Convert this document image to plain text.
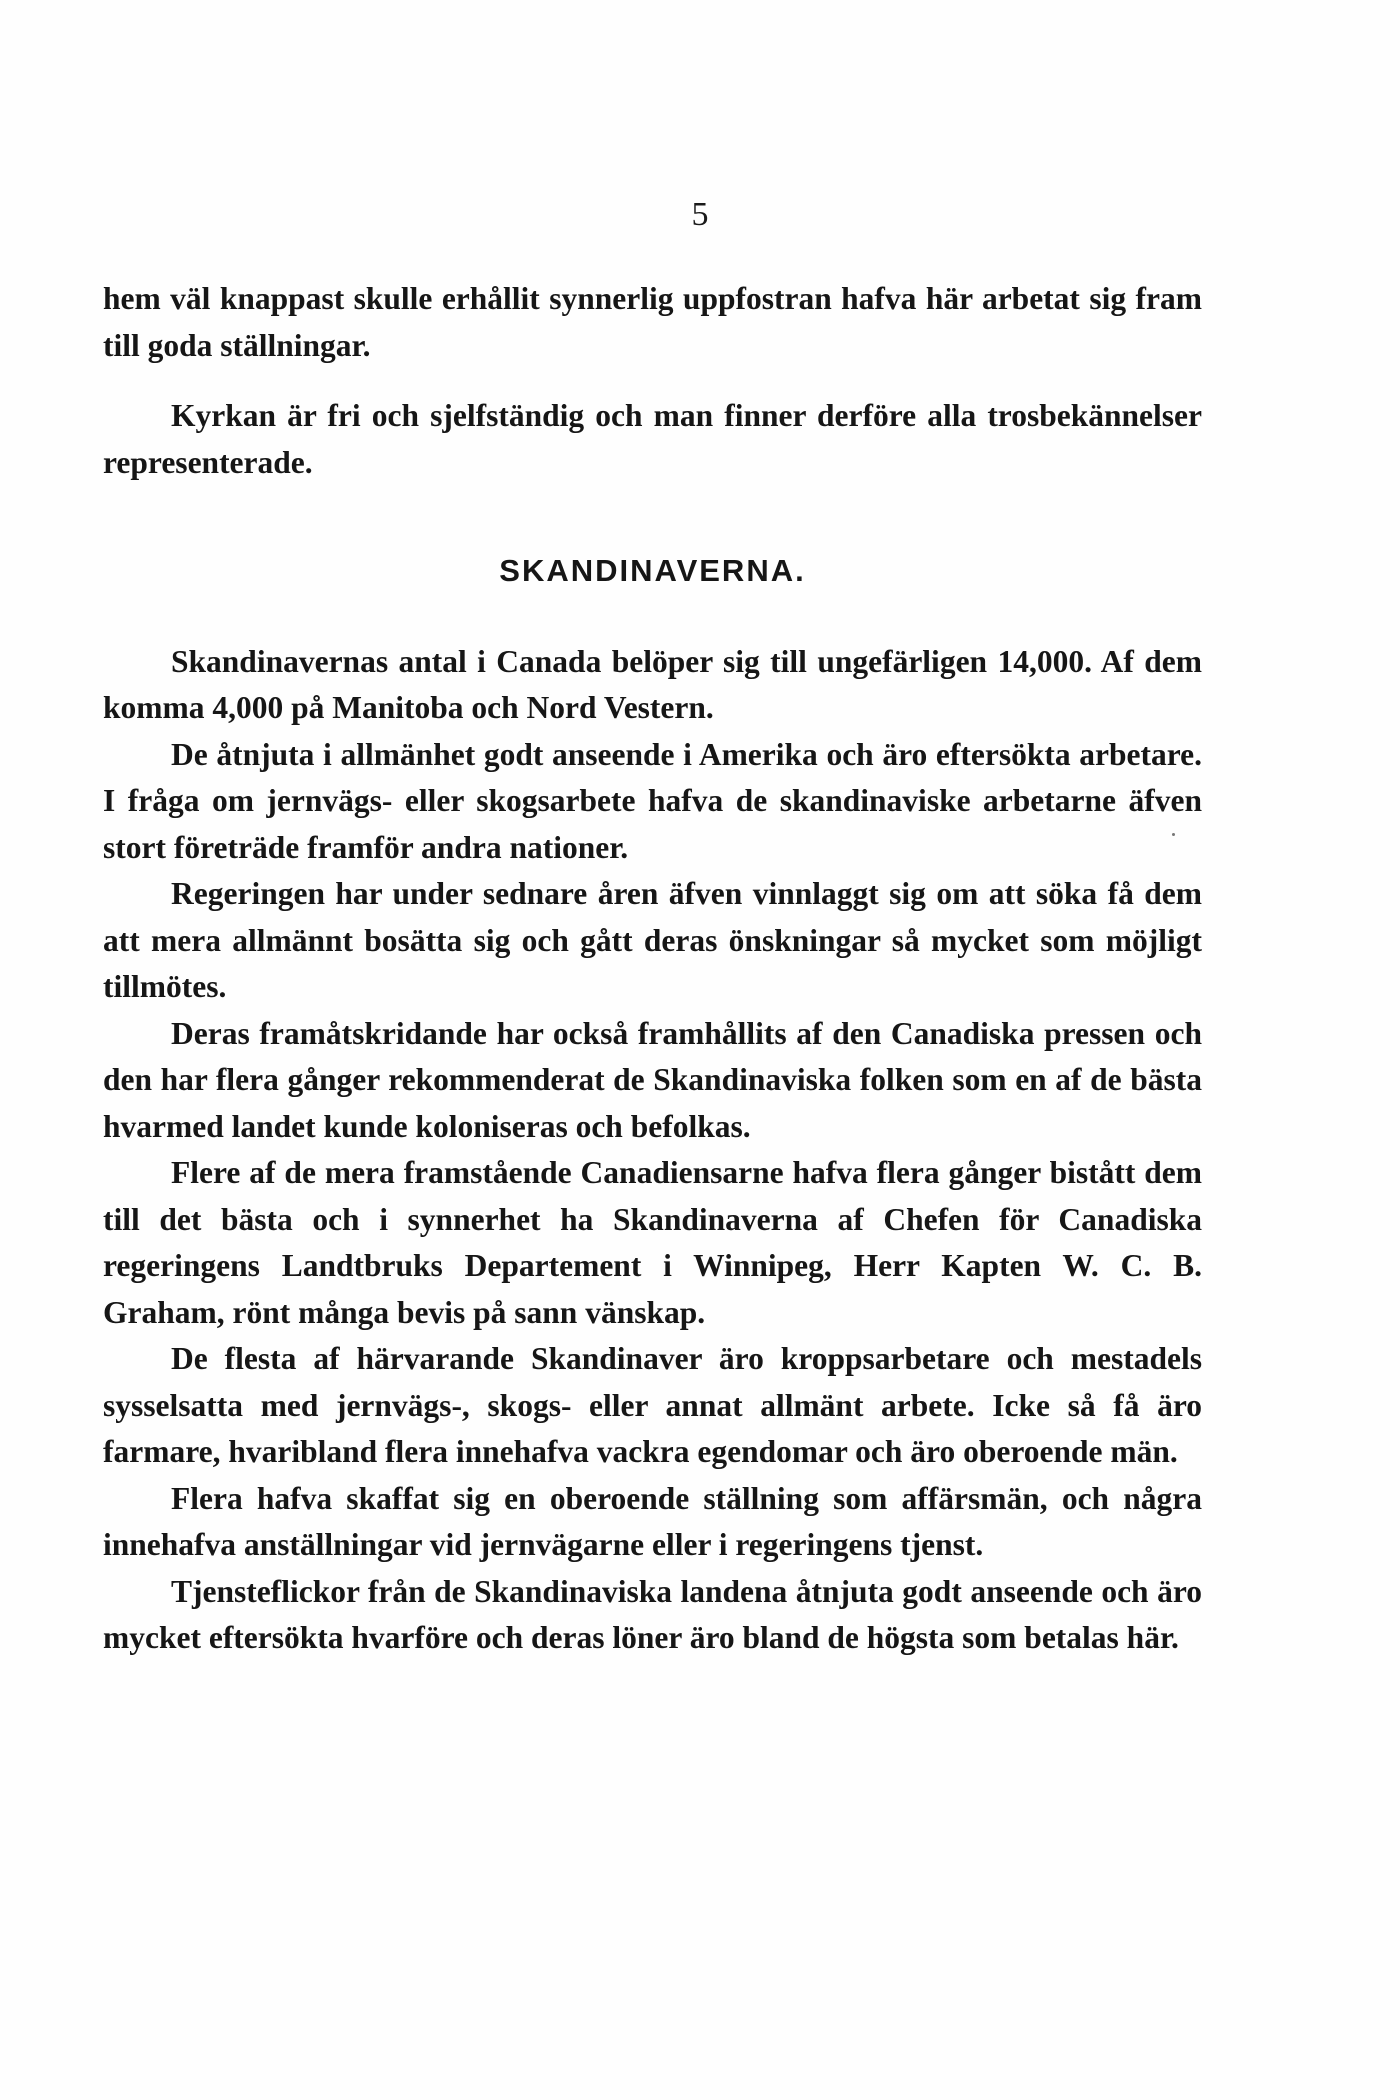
5

hem väl knappast skulle erhållit synnerlig uppfostran hafva här arbetat sig fram till goda ställningar.

Kyrkan är fri och sjelfständig och man finner derföre alla trosbekännelser representerade.

SKANDINAVERNA.

Skandinavernas antal i Canada belöper sig till ungefärligen 14,000. Af dem komma 4,000 på Manitoba och Nord Vestern.

De åtnjuta i allmänhet godt anseende i Amerika och äro eftersökta arbetare. I fråga om jernvägs- eller skogsarbete hafva de skandinaviske arbetarne äfven stort företräde framför andra nationer.

Regeringen har under sednare åren äfven vinnlaggt sig om att söka få dem att mera allmännt bosätta sig och gått deras önskningar så mycket som möjligt tillmötes.

Deras framåtskridande har också framhållits af den Canadiska pressen och den har flera gånger rekommenderat de Skandinaviska folken som en af de bästa hvarmed landet kunde koloniseras och befolkas.

Flere af de mera framstående Canadiensarne hafva flera gånger bistått dem till det bästa och i synnerhet ha Skandinaverna af Chefen för Canadiska regeringens Landtbruks Departement i Winnipeg, Herr Kapten W. C. B. Graham, rönt många bevis på sann vänskap.

De flesta af härvarande Skandinaver äro kroppsarbetare och mestadels sysselsatta med jernvägs-, skogs- eller annat allmänt arbete. Icke så få äro farmare, hvaribland flera innehafva vackra egendomar och äro oberoende män.

Flera hafva skaffat sig en oberoende ställning som affärsmän, och några innehafva anställningar vid jernvägarne eller i regeringens tjenst.

Tjensteflickor från de Skandinaviska landena åtnjuta godt anseende och äro mycket eftersökta hvarföre och deras löner äro bland de högsta som betalas här.
